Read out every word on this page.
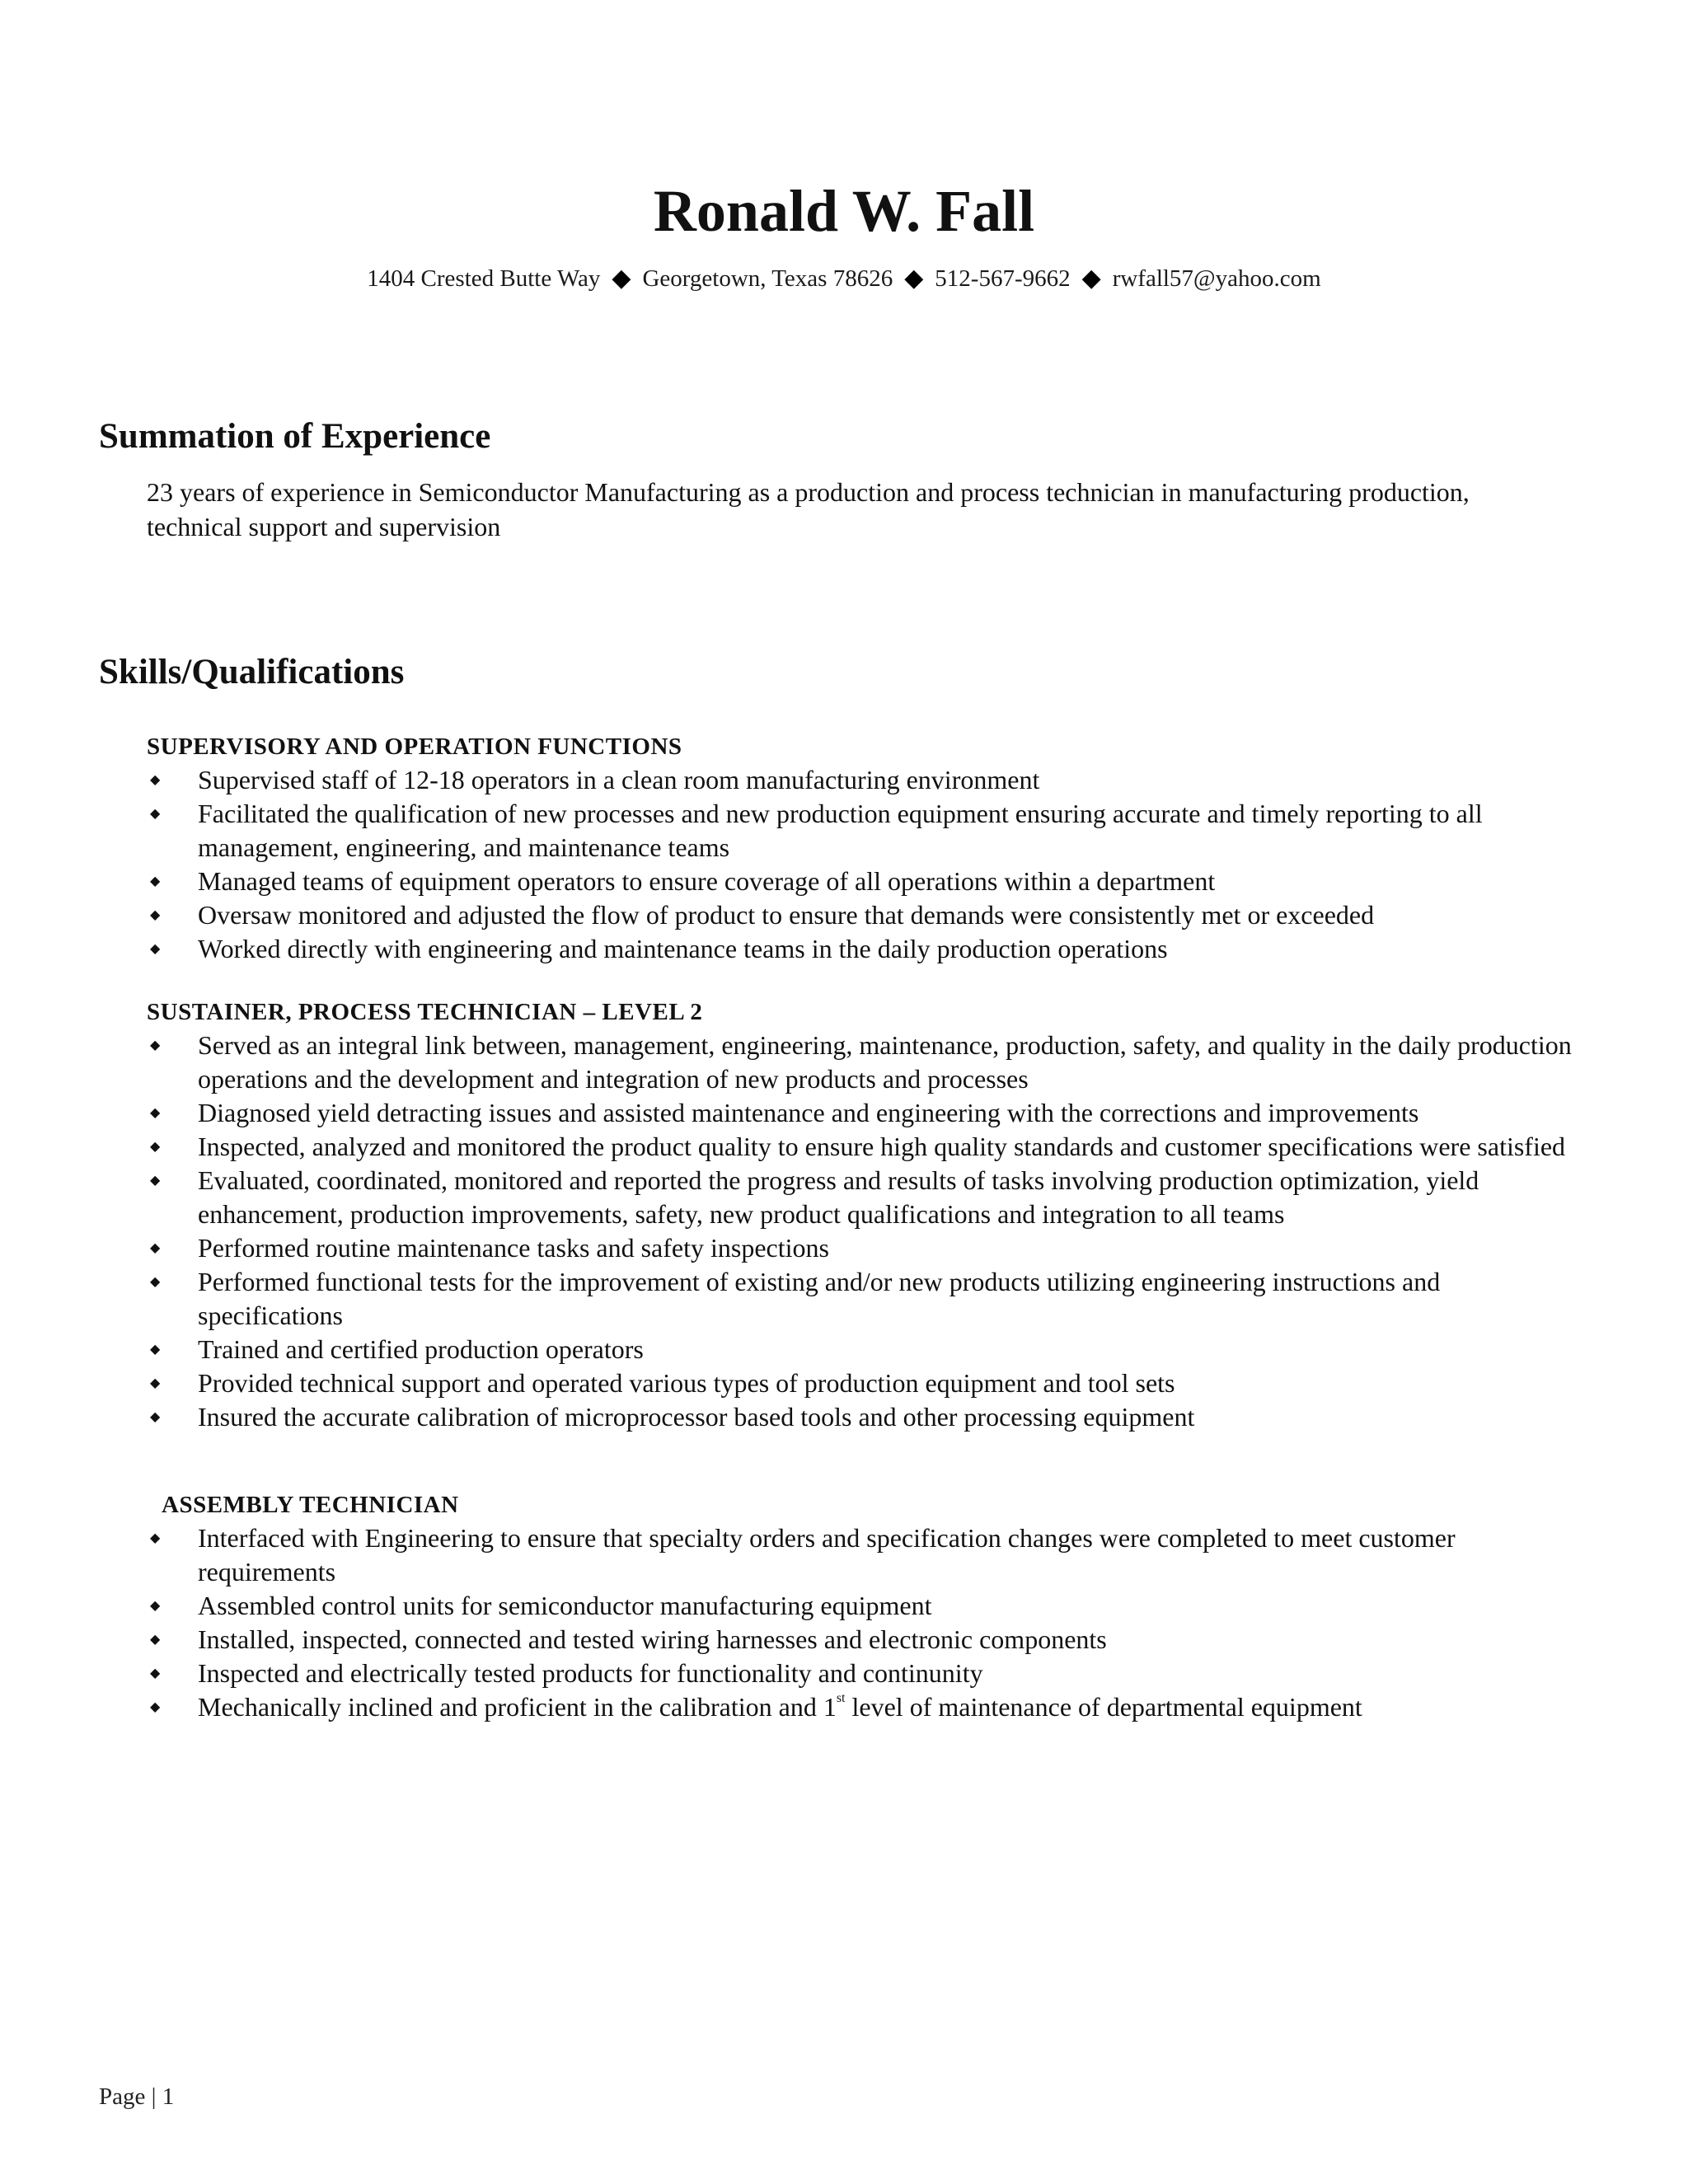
Ronald W. Fall
1404 Crested Butte Way ◆ Georgetown, Texas 78626 ◆ 512-567-9662 ◆ rwfall57@yahoo.com
Summation of Experience
23 years of experience in Semiconductor Manufacturing as a production and process technician in manufacturing production, technical support and supervision
Skills/Qualifications
SUPERVISORY AND OPERATION FUNCTIONS
◆ Supervised staff of 12-18 operators in a clean room manufacturing environment
◆ Facilitated the qualification of new processes and new production equipment ensuring accurate and timely reporting to all management, engineering, and maintenance teams
◆ Managed teams of equipment operators to ensure coverage of all operations within a department
◆ Oversaw monitored and adjusted the flow of product to ensure that demands were consistently met or exceeded
◆ Worked directly with engineering and maintenance teams in the daily production operations
SUSTAINER, PROCESS TECHNICIAN – LEVEL 2
◆ Served as an integral link between, management, engineering, maintenance, production, safety, and quality in the daily production operations and the development and integration of new products and processes
◆ Diagnosed yield detracting issues and assisted maintenance and engineering with the corrections and improvements
◆ Inspected, analyzed and monitored the product quality to ensure high quality standards and customer specifications were satisfied
◆ Evaluated, coordinated, monitored and reported the progress and results of tasks involving production optimization, yield enhancement, production improvements, safety, new product qualifications and integration to all teams
◆ Performed routine maintenance tasks and safety inspections
◆ Performed functional tests for the improvement of existing and/or new products utilizing engineering instructions and specifications
◆ Trained and certified production operators
◆ Provided technical support and operated various types of production equipment and tool sets
◆ Insured the accurate calibration of microprocessor based tools and other processing equipment
ASSEMBLY TECHNICIAN
◆ Interfaced with Engineering to ensure that specialty orders and specification changes were completed to meet customer requirements
◆ Assembled control units for semiconductor manufacturing equipment
◆ Installed, inspected, connected and tested wiring harnesses and electronic components
◆ Inspected and electrically tested products for functionality and continunity
◆ Mechanically inclined and proficient in the calibration and 1st level of maintenance of departmental equipment
Page | 1
